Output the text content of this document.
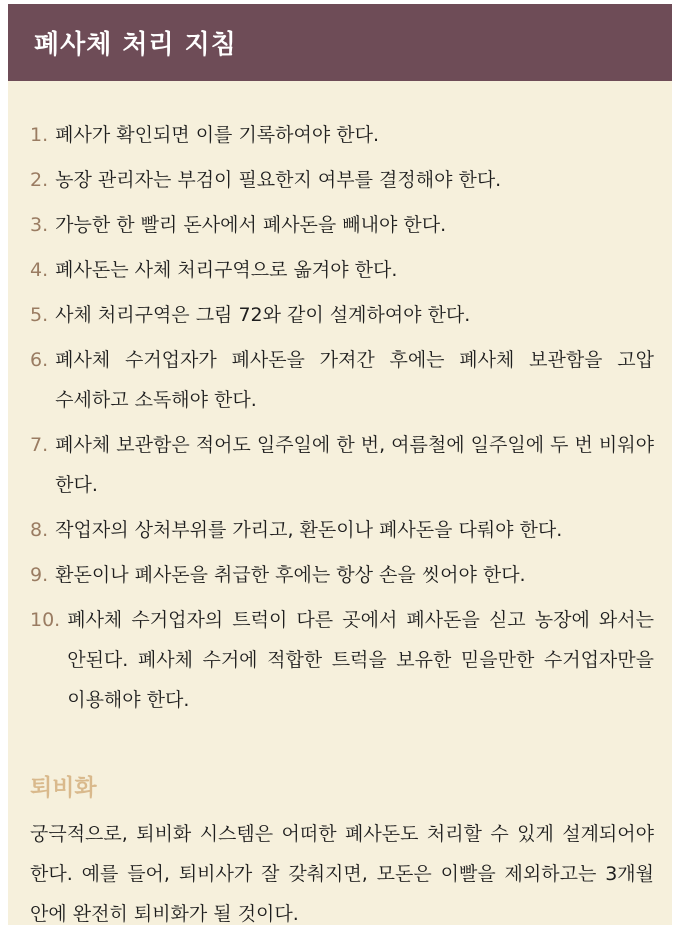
폐사체 처리 지침
1. 폐사가 확인되면 이를 기록하여야 한다.
2. 농장 관리자는 부검이 필요한지 여부를 결정해야 한다.
3. 가능한 한 빨리 돈사에서 폐사돈을 빼내야 한다.
4. 폐사돈는 사체 처리구역으로 옮겨야 한다.
5. 사체 처리구역은 그림 72와 같이 설계하여야 한다.
6. 폐사체 수거업자가 폐사돈을 가져간 후에는 폐사체 보관함을 고압 수세하고 소독해야 한다.
7. 폐사체 보관함은 적어도 일주일에 한 번, 여름철에 일주일에 두 번 비워야 한다.
8. 작업자의 상처부위를 가리고, 환돈이나 폐사돈을 다뤄야 한다.
9. 환돈이나 폐사돈을 취급한 후에는 항상 손을 씻어야 한다.
10. 폐사체 수거업자의 트럭이 다른 곳에서 폐사돈을 싣고 농장에 와서는 안된다. 폐사체 수거에 적합한 트럭을 보유한 믿을만한 수거업자만을 이용해야 한다.
퇴비화

궁극적으로, 퇴비화 시스템은 어떠한 폐사돈도 처리할 수 있게 설계되어야 한다. 예를 들어, 퇴비사가 잘 갖춰지면, 모돈은 이빨을 제외하고는 3개월 안에 완전히 퇴비화가 될 것이다.
